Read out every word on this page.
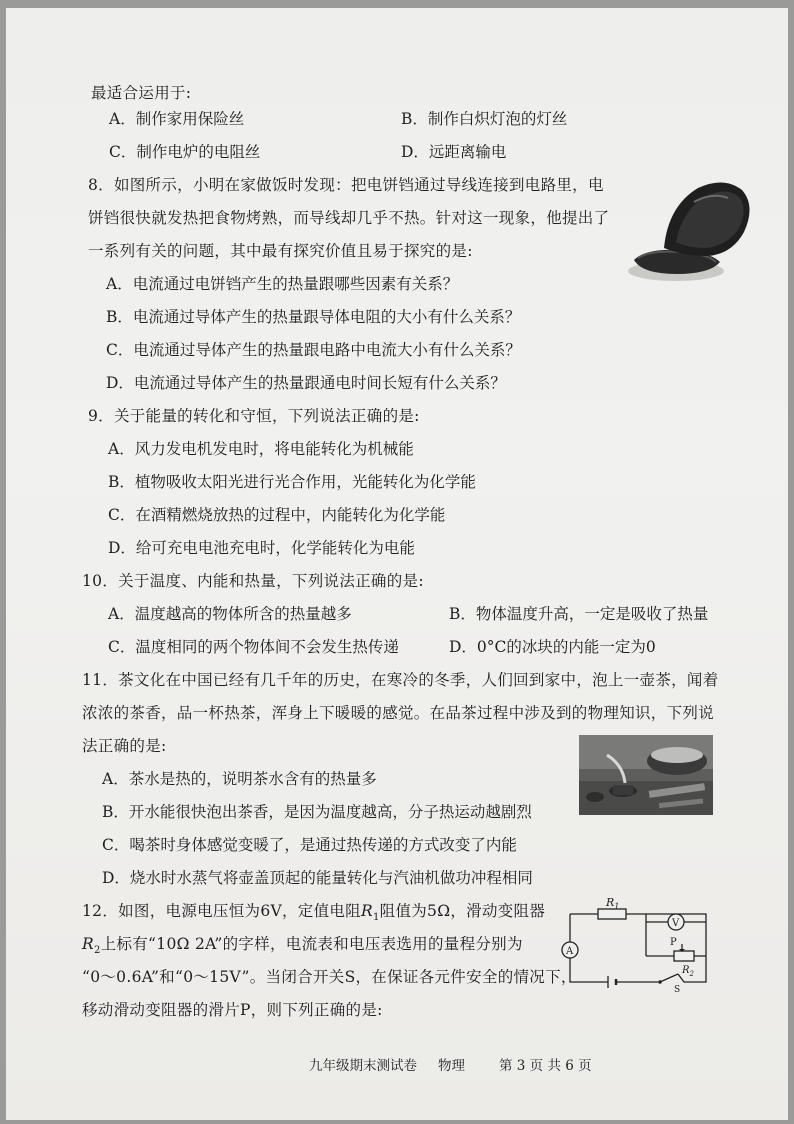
最适合运用于:
A．制作家用保险丝	B．制作白炽灯泡的灯丝
C．制作电炉的电阻丝	D．远距离输电
8．如图所示，小明在家做饭时发现：把电饼铛通过导线连接到电路里，电
饼铛很快就发热把食物烤熟，而导线却几乎不热。针对这一现象，他提出了
一系列有关的问题，其中最有探究价值且易于探究的是:
A．电流通过电饼铛产生的热量跟哪些因素有关系？
B．电流通过导体产生的热量跟导体电阻的大小有什么关系？
C．电流通过导体产生的热量跟电路中电流大小有什么关系？
D．电流通过导体产生的热量跟通电时间长短有什么关系？
9．关于能量的转化和守恒，下列说法正确的是:
A．风力发电机发电时，将电能转化为机械能
B．植物吸收太阳光进行光合作用，光能转化为化学能
C．在酒精燃烧放热的过程中，内能转化为化学能
D．给可充电电池充电时，化学能转化为电能
10．关于温度、内能和热量，下列说法正确的是:
A．温度越高的物体所含的热量越多	B．物体温度升高，一定是吸收了热量
C．温度相同的两个物体间不会发生热传递	D．0°C的冰块的内能一定为0
11．茶文化在中国已经有几千年的历史，在寒冷的冬季，人们回到家中，泡上一壶茶，闻着
浓浓的茶香，品一杯热茶，浑身上下暖暖的感觉。在品茶过程中涉及到的物理知识，下列说
法正确的是:
A．茶水是热的，说明茶水含有的热量多
B．开水能很快泡出茶香，是因为温度越高，分子热运动越剧烈
C．喝茶时身体感觉变暖了，是通过热传递的方式改变了内能
D．烧水时水蒸气将壶盖顶起的能量转化与汽油机做功冲程相同
12．如图，电源电压恒为6V，定值电阻$R_1$阻值为5Ω，滑动变阻器
$R_2$上标有“10Ω 2A”的字样，电流表和电压表选用的量程分别为
“0～0.6A”和“0～15V”。当闭合开关S，在保证各元件安全的情况下，
移动滑动变阻器的滑片P，则下列正确的是:
$R_1$
V
A
P
$R_2$
S
九年级期末测试卷 物理	第 3 页 共 6 页
